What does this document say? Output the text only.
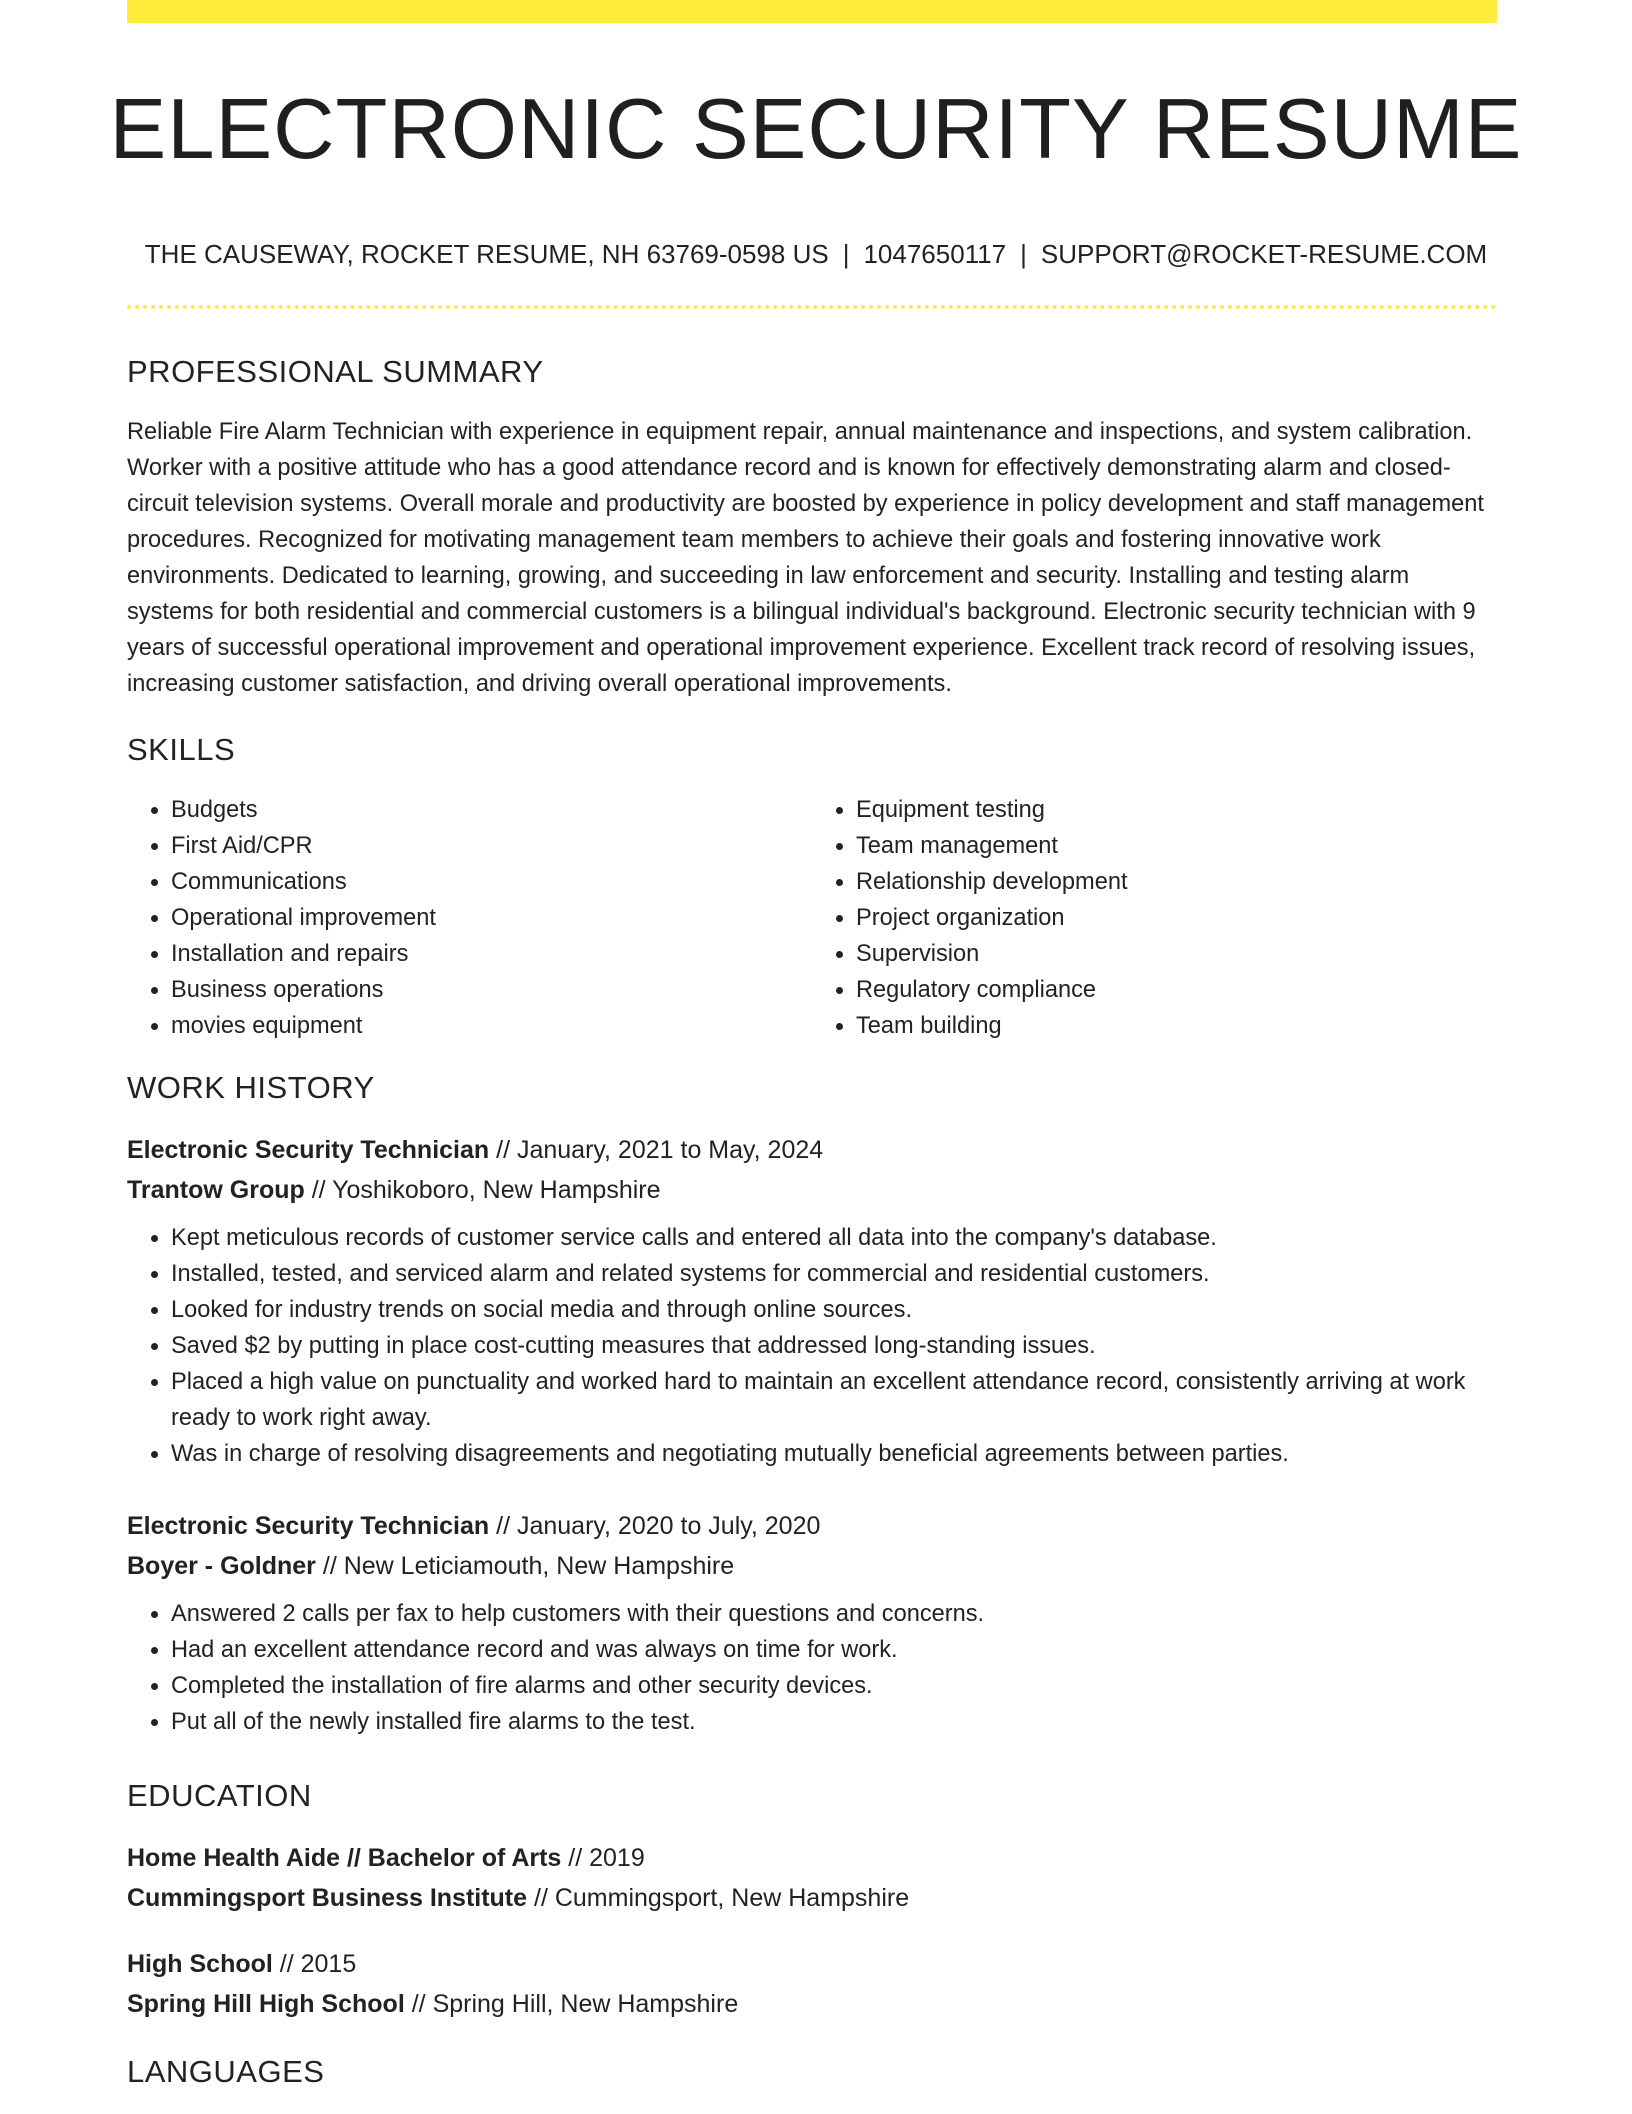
ELECTRONIC SECURITY RESUME
THE CAUSEWAY, ROCKET RESUME, NH 63769-0598 US | 1047650117 | SUPPORT@ROCKET-RESUME.COM
PROFESSIONAL SUMMARY

Reliable Fire Alarm Technician with experience in equipment repair, annual maintenance and inspections, and system calibration. Worker with a positive attitude who has a good attendance record and is known for effectively demonstrating alarm and closed-circuit television systems. Overall morale and productivity are boosted by experience in policy development and staff management procedures. Recognized for motivating management team members to achieve their goals and fostering innovative work environments. Dedicated to learning, growing, and succeeding in law enforcement and security. Installing and testing alarm systems for both residential and commercial customers is a bilingual individual's background. Electronic security technician with 9 years of successful operational improvement and operational improvement experience. Excellent track record of resolving issues, increasing customer satisfaction, and driving overall operational improvements.

SKILLS
• Budgets
• First Aid/CPR
• Communications
• Operational improvement
• Installation and repairs
• Business operations
• movies equipment
• Equipment testing
• Team management
• Relationship development
• Project organization
• Supervision
• Regulatory compliance
• Team building
WORK HISTORY
Electronic Security Technician // January, 2021 to May, 2024
Trantow Group // Yoshikoboro, New Hampshire
• Kept meticulous records of customer service calls and entered all data into the company's database.
• Installed, tested, and serviced alarm and related systems for commercial and residential customers.
• Looked for industry trends on social media and through online sources.
• Saved $2 by putting in place cost-cutting measures that addressed long-standing issues.
• Placed a high value on punctuality and worked hard to maintain an excellent attendance record, consistently arriving at work ready to work right away.
• Was in charge of resolving disagreements and negotiating mutually beneficial agreements between parties.
Electronic Security Technician // January, 2020 to July, 2020
Boyer - Goldner // New Leticiamouth, New Hampshire
• Answered 2 calls per fax to help customers with their questions and concerns.
• Had an excellent attendance record and was always on time for work.
• Completed the installation of fire alarms and other security devices.
• Put all of the newly installed fire alarms to the test.
EDUCATION
Home Health Aide // Bachelor of Arts // 2019
Cummingsport Business Institute // Cummingsport, New Hampshire
High School // 2015
Spring Hill High School // Spring Hill, New Hampshire
LANGUAGES
